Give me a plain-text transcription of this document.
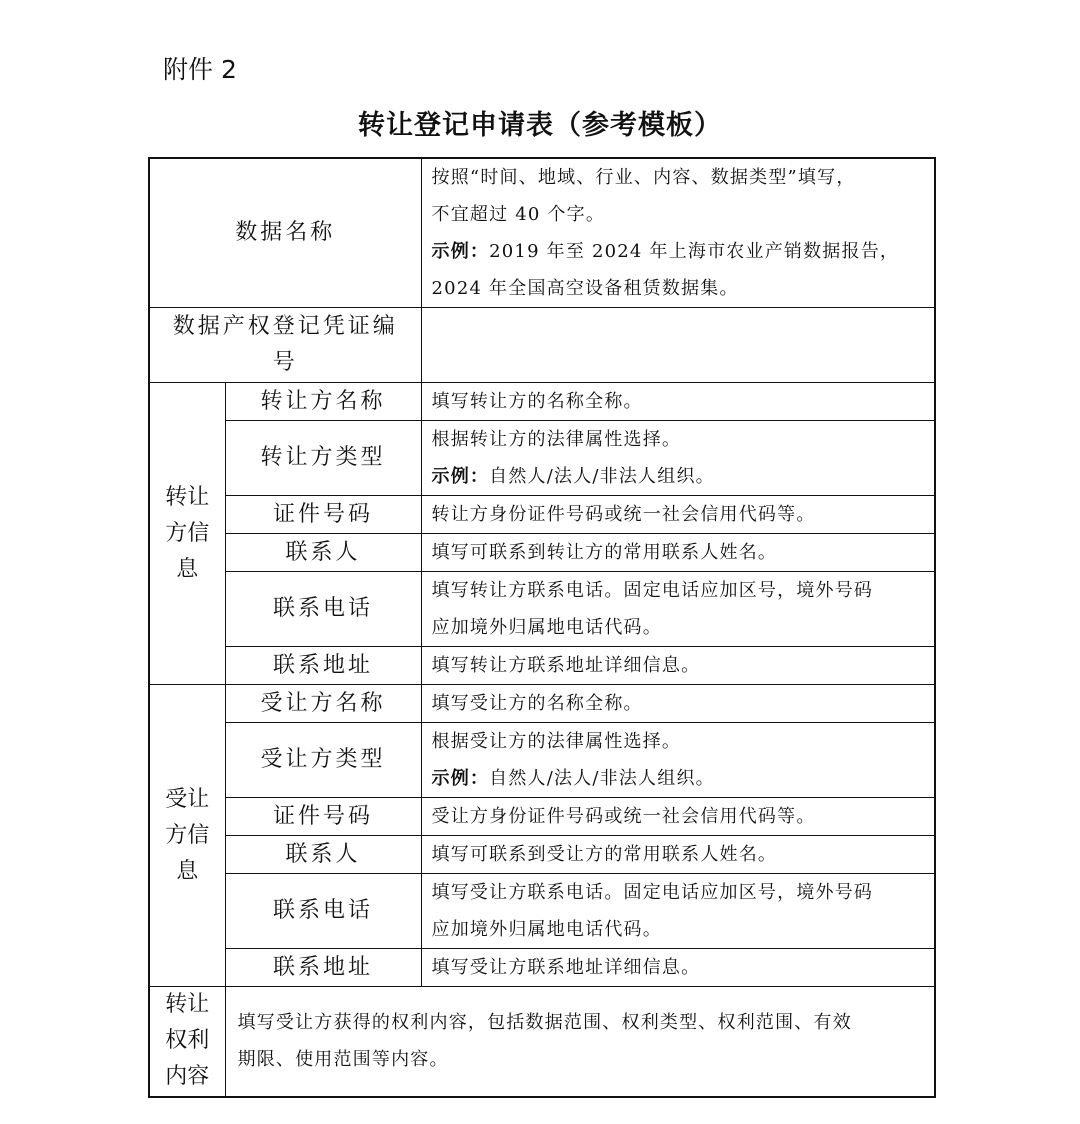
附件 2
转让登记申请表（参考模板）
数据名称		按照“时间、地域、行业、内容、数据类型”填写，
不宜超过 40 个字。
示例：2019 年至 2024 年上海市农业产销数据报告，
2024 年全国高空设备租赁数据集。

数据产权登记凭证编
号		

转让
方信
息	转让方名称	填写转让方的名称全称。
	转让方类型	根据转让方的法律属性选择。
示例：自然人/法人/非法人组织。

	证件号码	转让方身份证件号码或统一社会信用代码等。
	联系人	填写可联系到转让方的常用联系人姓名。
	联系电话	填写转让方联系电话。固定电话应加区号，境外号码
应加境外归属地电话代码。

	联系地址	填写转让方联系地址详细信息。

受让
方信
息	受让方名称	填写受让方的名称全称。
	受让方类型	根据受让方的法律属性选择。
示例：自然人/法人/非法人组织。

	证件号码	受让方身份证件号码或统一社会信用代码等。
	联系人	填写可联系到受让方的常用联系人姓名。
	联系电话	填写受让方联系电话。固定电话应加区号，境外号码
应加境外归属地电话代码。

	联系地址	填写受让方联系地址详细信息。

转让
权利
内容	填写受让方获得的权利内容，包括数据范围、权利类型、权利范围、有效
期限、使用范围等内容。	
